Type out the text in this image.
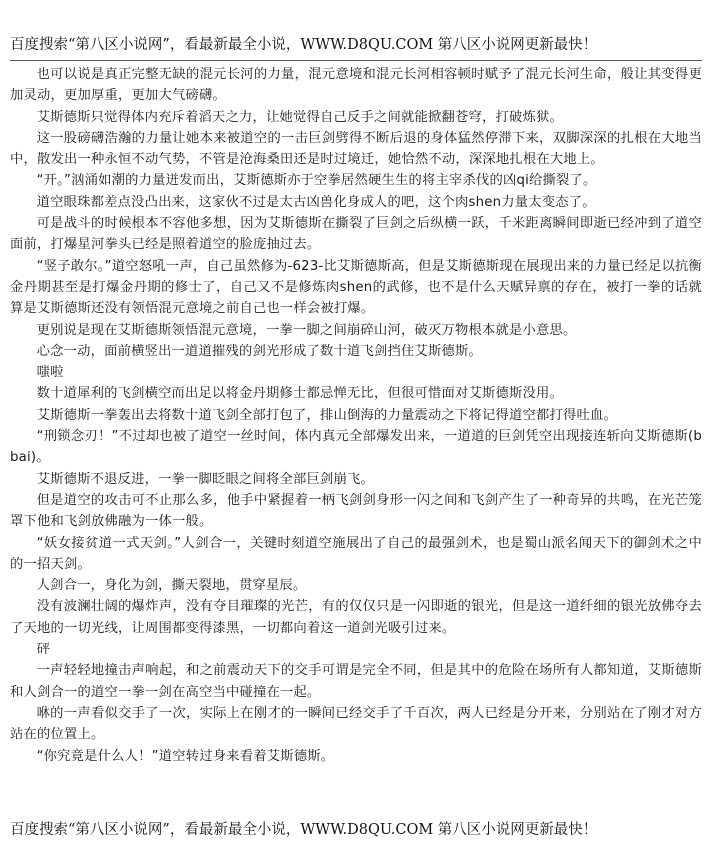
百度搜索“第八区小说网”，看最新最全小说，WWW.D8QU.COM 第八区小说网更新最快！

也可以说是真正完整无缺的混元长河的力量，混元意境和混元长河相容顿时赋予了混元长河生命，般让其变得更加灵动，更加厚重，更加大气磅礴。

艾斯德斯只觉得体内充斥着滔天之力，让她觉得自己反手之间就能掀翻苍穹，打破炼狱。

这一股磅礴浩瀚的力量让她本来被道空的一击巨剑劈得不断后退的身体猛然停滞下来，双脚深深的扎根在大地当中，散发出一种永恒不动气势，不管是沧海桑田还是时过境迁，她恰然不动，深深地扎根在大地上。

“开。”汹涌如潮的力量迸发而出，艾斯德斯亦于空拳居然硬生生的将主宰杀伐的凶qi给撕裂了。

道空眼珠都差点没凸出来，这家伙不过是太古凶兽化身成人的吧，这个肉shen力量太变态了。

可是战斗的时候根本不容他多想，因为艾斯德斯在撕裂了巨剑之后纵横一跃，千米距离瞬间即逝已经冲到了道空面前，打爆星河拳头已经是照着道空的脸庞抽过去。

“竖子敢尔。”道空怒吼一声，自己虽然修为-623-比艾斯德斯高，但是艾斯德斯现在展现出来的力量已经足以抗衡金丹期甚至是打爆金丹期的修士了，自己又不是修炼肉shen的武修，也不是什么天赋异禀的存在，被打一拳的话就算是艾斯德斯还没有领悟混元意境之前自己也一样会被打爆。

更别说是现在艾斯德斯领悟混元意境，一拳一脚之间崩碎山河，破灭万物根本就是小意思。

心念一动，面前横竖出一道道摧残的剑光形成了数十道飞剑挡住艾斯德斯。

嗤啦

数十道犀利的飞剑横空而出足以将金丹期修士都忌惮无比，但很可惜面对艾斯德斯没用。

艾斯德斯一拳轰出去将数十道飞剑全部打包了，排山倒海的力量震动之下将记得道空都打得吐血。

“刑锁念刃！”不过却也被了道空一丝时间，体内真元全部爆发出来，一道道的巨剑凭空出现接连斩向艾斯德斯(bbai)。

艾斯德斯不退反进，一拳一脚眨眼之间将全部巨剑崩飞。

但是道空的攻击可不止那么多，他手中紧握着一柄飞剑剑身形一闪之间和飞剑产生了一种奇异的共鸣，在光芒笼罩下他和飞剑放佛融为一体一般。

“妖女接贫道一式天剑。”人剑合一，关键时刻道空施展出了自己的最强剑术，也是蜀山派名闻天下的御剑术之中的一招天剑。

人剑合一，身化为剑，撕天裂地，贯穿星辰。

没有波澜壮阔的爆炸声，没有夺目璀璨的光芒，有的仅仅只是一闪即逝的银光，但是这一道纤细的银光放佛夺去了天地的一切光线，让周围都变得漆黑，一切都向着这一道剑光吸引过来。

砰

一声轻轻地撞击声响起，和之前震动天下的交手可谓是完全不同，但是其中的危险在场所有人都知道，艾斯德斯和人剑合一的道空一拳一剑在高空当中碰撞在一起。

咻的一声看似交手了一次，实际上在刚才的一瞬间已经交手了千百次，两人已经是分开来，分别站在了刚才对方站在的位置上。

“你究竟是什么人！”道空转过身来看着艾斯德斯。

百度搜索“第八区小说网”，看最新最全小说，WWW.D8QU.COM 第八区小说网更新最快！
